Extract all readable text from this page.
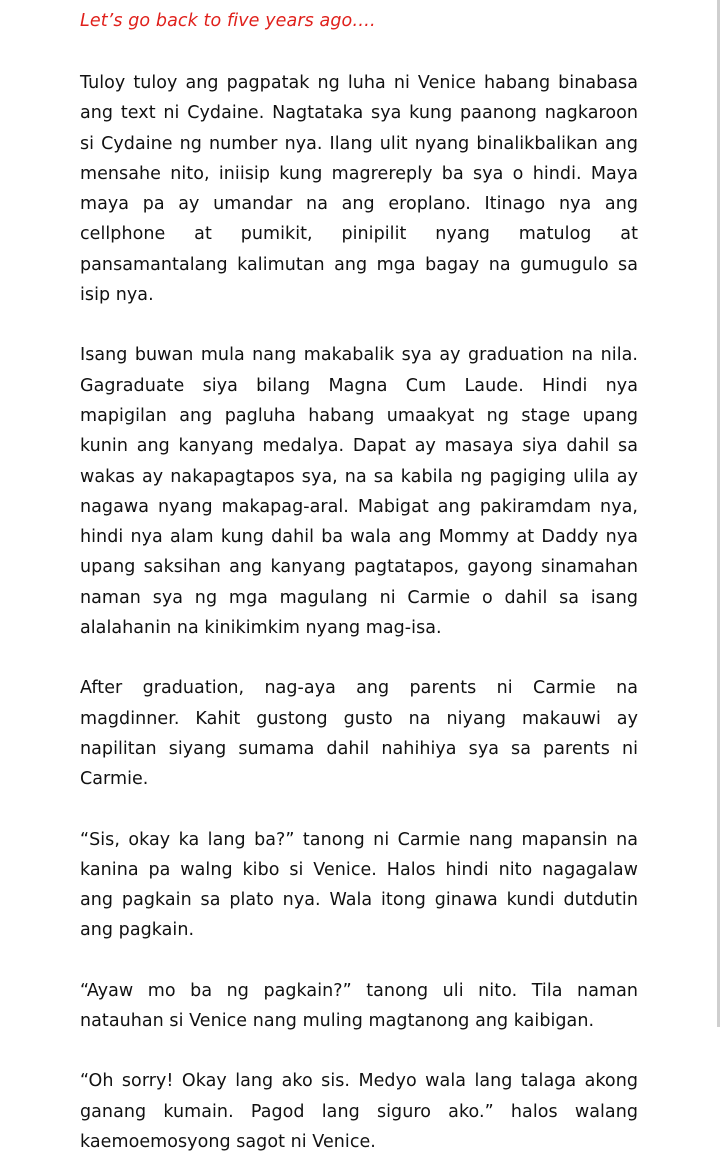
Let’s go back to five years ago….

Tuloy tuloy ang pagpatak ng luha ni Venice habang binabasa ang text ni Cydaine. Nagtataka sya kung paanong nagkaroon si Cydaine ng number nya. Ilang ulit nyang binalikbalikan ang mensahe nito, iniisip kung magrereply ba sya o hindi. Maya maya pa ay umandar na ang eroplano. Itinago nya ang cellphone at pumikit, pinipilit nyang matulog at pansamantalang kalimutan ang mga bagay na gumugulo sa isip nya.

Isang buwan mula nang makabalik sya ay graduation na nila. Gagraduate siya bilang Magna Cum Laude. Hindi nya mapigilan ang pagluha habang umaakyat ng stage upang kunin ang kanyang medalya. Dapat ay masaya siya dahil sa wakas ay nakapagtapos sya, na sa kabila ng pagiging ulila ay nagawa nyang makapag-aral. Mabigat ang pakiramdam nya, hindi nya alam kung dahil ba wala ang Mommy at Daddy nya upang saksihan ang kanyang pagtatapos, gayong sinamahan naman sya ng mga magulang ni Carmie o dahil sa isang alalahanin na kinikimkim nyang mag-isa.

After graduation, nag-aya ang parents ni Carmie na magdinner. Kahit gustong gusto na niyang makauwi ay napilitan siyang sumama dahil nahihiya sya sa parents ni Carmie.

“Sis, okay ka lang ba?” tanong ni Carmie nang mapansin na kanina pa walng kibo si Venice. Halos hindi nito nagagalaw ang pagkain sa plato nya. Wala itong ginawa kundi dutdutin ang pagkain.

“Ayaw mo ba ng pagkain?” tanong uli nito. Tila naman natauhan si Venice nang muling magtanong ang kaibigan.

“Oh sorry! Okay lang ako sis. Medyo wala lang talaga akong ganang kumain. Pagod lang siguro ako.” halos walang kaemoemosyong sagot ni Venice.
